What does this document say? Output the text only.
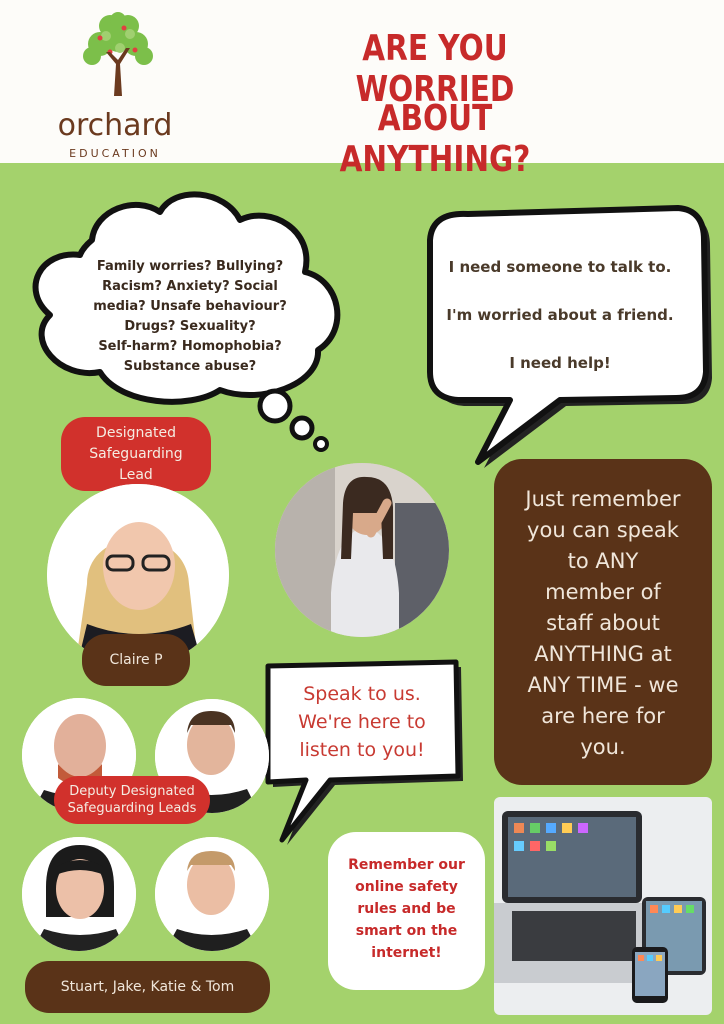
orchard
EDUCATION
ARE YOU WORRIED
ABOUT ANYTHING?
Family worries? Bullying?
Racism? Anxiety? Social
media? Unsafe behaviour?
Drugs? Sexuality?
Self-harm? Homophobia?
Substance abuse?
I need someone to talk to.
I'm worried about a friend.
I need help!
Designated
Safeguarding
Lead
Claire P
Just remember
you can speak
to ANY
member of
staff about
ANYTHING at
ANY TIME - we
are here for
you.
Speak to us.
We're here to
listen to you!
Deputy Designated
Safeguarding Leads
Stuart, Jake, Katie & Tom
Remember our
online safety
rules and be
smart on the
internet!
